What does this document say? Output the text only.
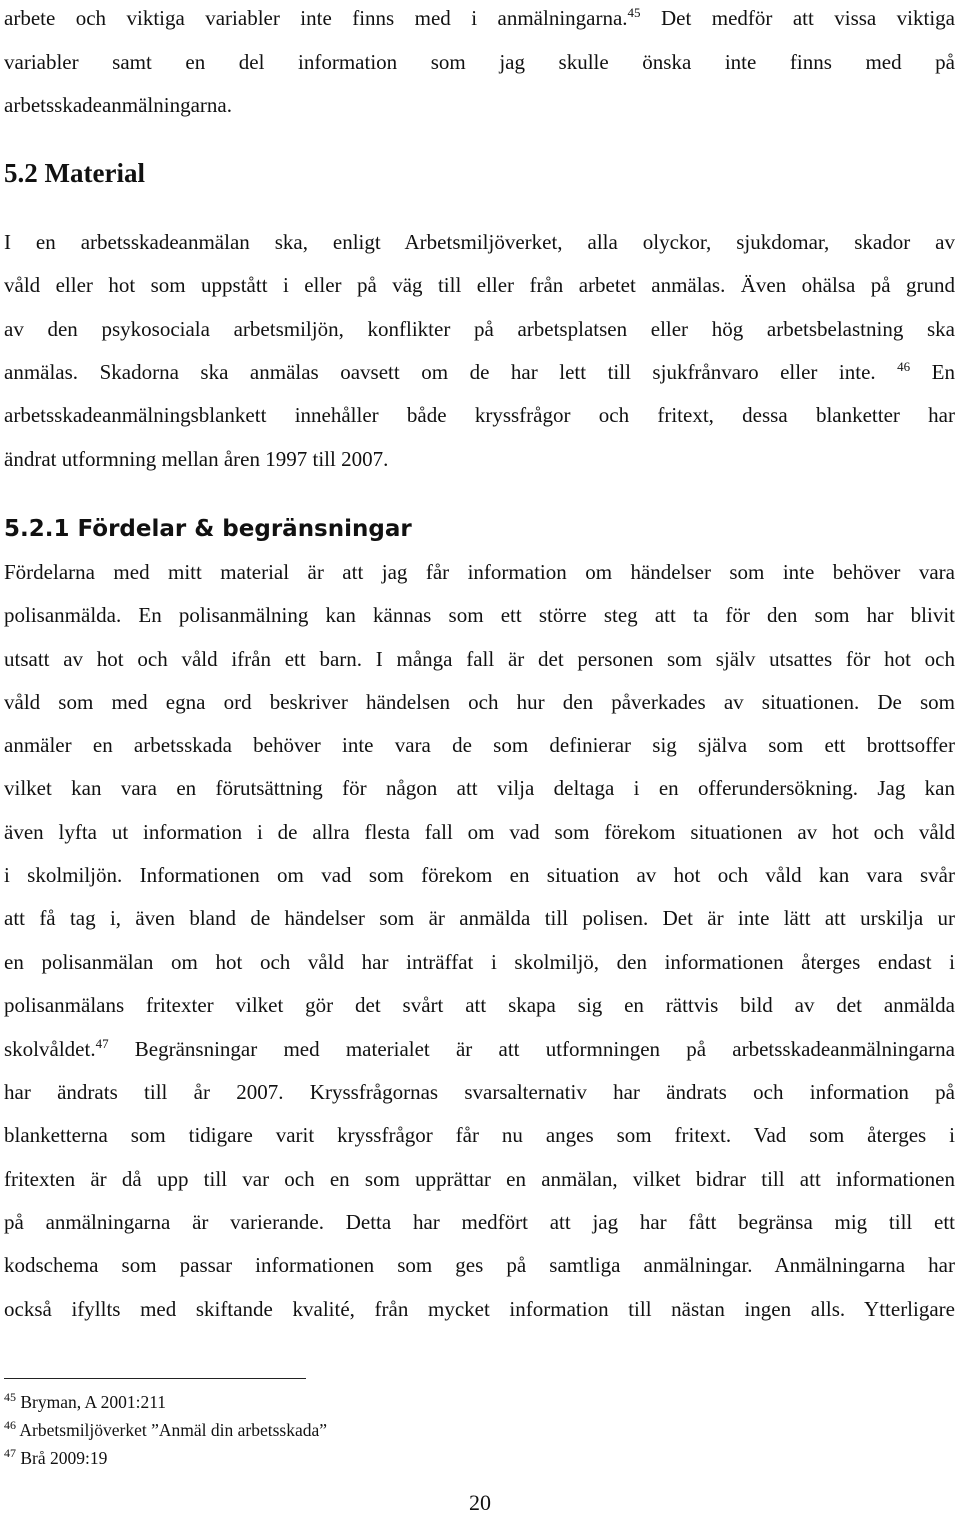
arbete och viktiga variabler inte finns med i anmälningarna.$^{45}$ Det medför att vissa viktiga
variabler samt en del information som jag skulle önska inte finns med på
arbetsskadeanmälningarna.
5.2 Material
I en arbetsskadeanmälan ska, enligt Arbetsmiljöverket, alla olyckor, sjukdomar, skador av
våld eller hot som uppstått i eller på väg till eller från arbetet anmälas. Även ohälsa på grund
av den psykosociala arbetsmiljön, konflikter på arbetsplatsen eller hög arbetsbelastning ska
anmälas. Skadorna ska anmälas oavsett om de har lett till sjukfrånvaro eller inte. $^{46}$ En
arbetsskadeanmälningsblankett innehåller både kryssfrågor och fritext, dessa blanketter har
ändrat utformning mellan åren 1997 till 2007.
5.2.1 Fördelar & begränsningar
Fördelarna med mitt material är att jag får information om händelser som inte behöver vara
polisanmälda. En polisanmälning kan kännas som ett större steg att ta för den som har blivit
utsatt av hot och våld ifrån ett barn. I många fall är det personen som själv utsattes för hot och
våld som med egna ord beskriver händelsen och hur den påverkades av situationen. De som
anmäler en arbetsskada behöver inte vara de som definierar sig själva som ett brottsoffer
vilket kan vara en förutsättning för någon att vilja deltaga i en offerundersökning. Jag kan
även lyfta ut information i de allra flesta fall om vad som förekom situationen av hot och våld
i skolmiljön. Informationen om vad som förekom en situation av hot och våld kan vara svår
att få tag i, även bland de händelser som är anmälda till polisen. Det är inte lätt att urskilja ur
en polisanmälan om hot och våld har inträffat i skolmiljö, den informationen återges endast i
polisanmälans fritexter vilket gör det svårt att skapa sig en rättvis bild av det anmälda
skolvåldet.$^{47}$ Begränsningar med materialet är att utformningen på arbetsskadeanmälningarna
har ändrats till år 2007. Kryssfrågornas svarsalternativ har ändrats och information på
blanketterna som tidigare varit kryssfrågor får nu anges som fritext. Vad som återges i
fritexten är då upp till var och en som upprättar en anmälan, vilket bidrar till att informationen
på anmälningarna är varierande. Detta har medfört att jag har fått begränsa mig till ett
kodschema som passar informationen som ges på samtliga anmälningar. Anmälningarna har
också ifyllts med skiftande kvalité, från mycket information till nästan ingen alls. Ytterligare
$^{45}$ Bryman, A 2001:211
$^{46}$ Arbetsmiljöverket ”Anmäl din arbetsskada”
$^{47}$ Brå 2009:19
20
